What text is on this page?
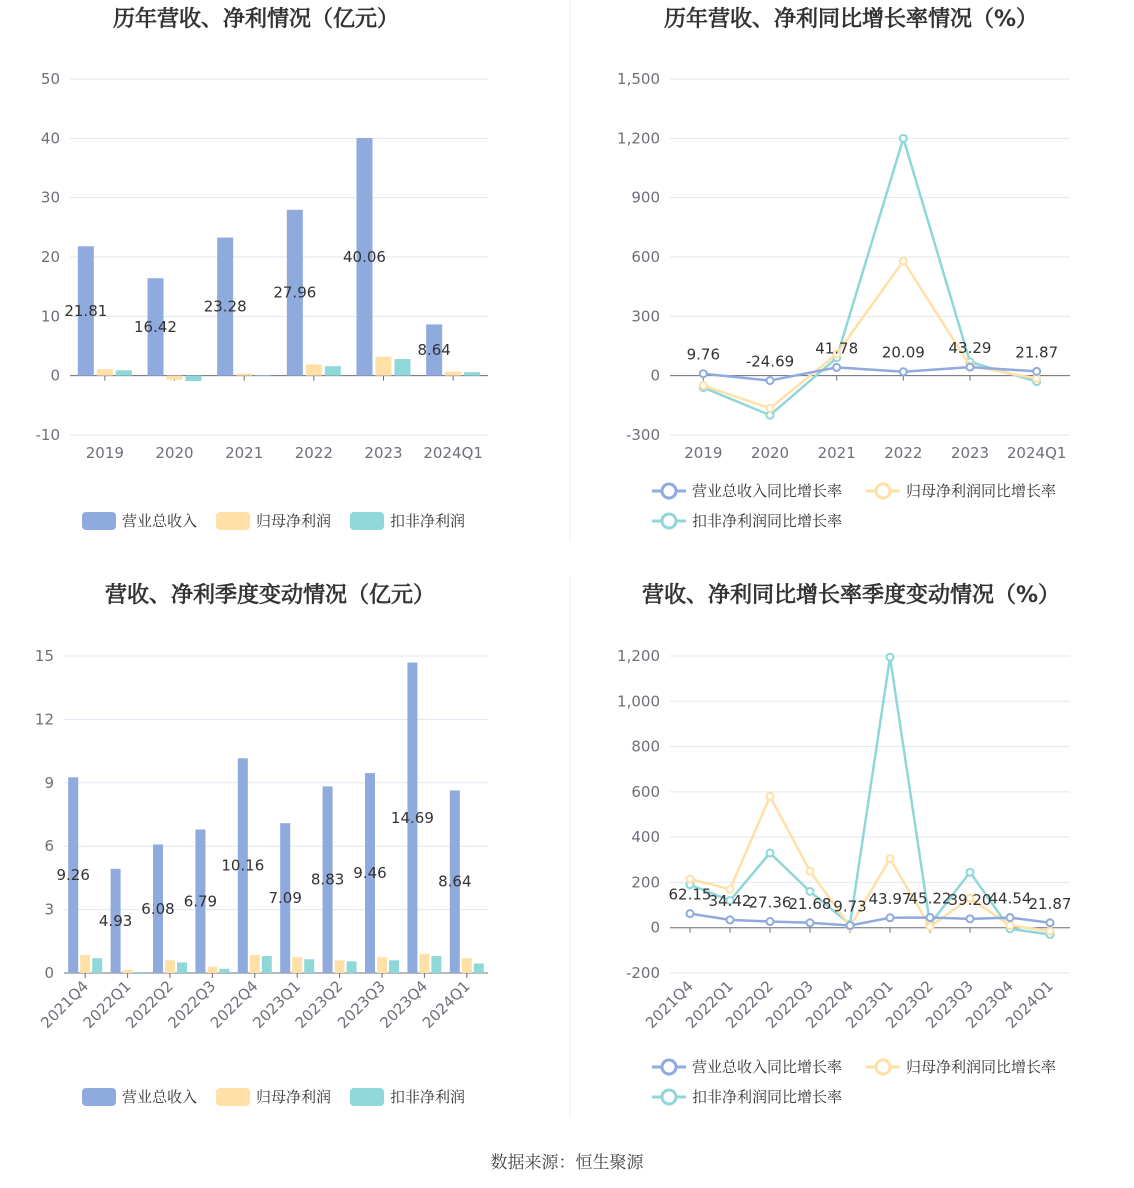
历年营收、净利情况（亿元）
-10
0
10
20
30
40
50
2019 2020 2021 2022 2023 2024Q1
21.81
16.42
23.28
27.96
40.06
8.64
营业总收入	归母净利润	扣非净利润
历年营收、净利同比增长率情况（%）
-300
0
300
600
900
1,200
1,500
2019 2020 2021 2022 2023 2024Q1
9.76 -24.69
41.78 20.09 43.29 21.87
营业总收入同比增长率	归母净利润同比增长率
扣非净利润同比增长率
营收、净利季度变动情况（亿元）
0
3
6
9
12
15
2021Q4
2022Q1
2022Q2
2022Q3
2022Q4
2023Q1
2023Q2
2023Q3
2023Q4
2024Q1
9.26
4.93
6.08 6.79
10.16
7.09
8.83 9.46
14.69
8.64
营业总收入	归母净利润	扣非净利润
营收、净利同比增长率季度变动情况（%）
-200
0
200
400
600
800
1,000
1,200
2021Q4
2022Q1
2022Q2
2022Q3
2022Q4
2023Q1
2023Q2
2023Q3
2023Q4
2024Q1
62.15
34.42
27.36
21.68 9.73 43.97
45.22
39.20
44.54
21.87
营业总收入同比增长率	归母净利润同比增长率
扣非净利润同比增长率
数据来源：恒生聚源
